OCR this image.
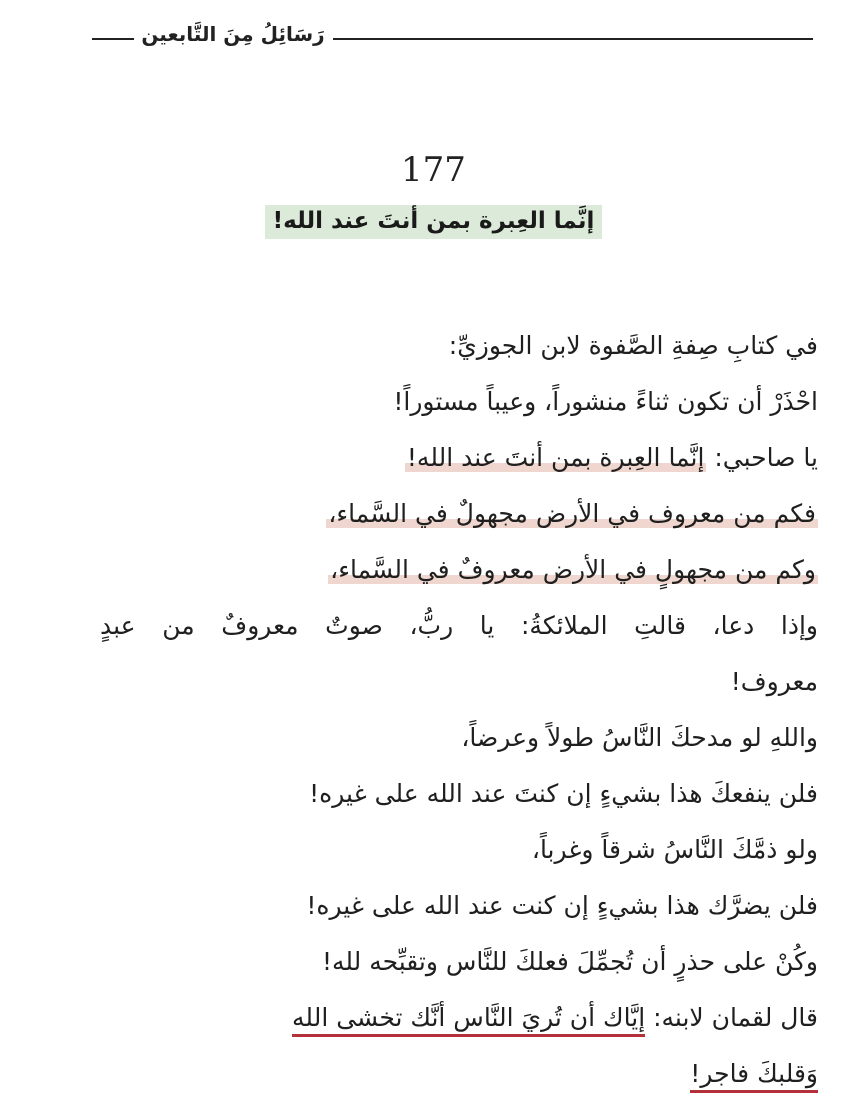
رَسَائِلُ مِنَ التَّابعين
177
إنَّما العِبرة بمن أنتَ عند الله!
في كتابِ صِفةِ الصَّفوة لابن الجوزيِّ:
احْذَرْ أن تكون ثناءً منشوراً، وعيباً مستوراً!
يا صاحبي: إنَّما العِبرة بمن أنتَ عند الله!
فكم من معروف في الأرض مجهولٌ في السَّماء،
وكم من مجهولٍ في الأرض معروفٌ في السَّماء،
وإذا دعا، قالتِ الملائكةُ: يا ربُّ، صوتٌ معروفٌ من عبدٍ
معروف!
واللهِ لو مدحكَ النَّاسُ طولاً وعرضاً،
فلن ينفعكَ هذا بشيءٍ إن كنتَ عند الله على غيره!
ولو ذمَّكَ النَّاسُ شرقاً وغرباً،
فلن يضرَّك هذا بشيءٍ إن كنت عند الله على غيره!
وكُنْ على حذرٍ أن تُجمِّلَ فعلكَ للنَّاس وتقبِّحه لله!
قال لقمان لابنه: إيَّاك أن تُريَ النَّاس أنَّك تخشى الله
وَقلبكَ فاجر!
